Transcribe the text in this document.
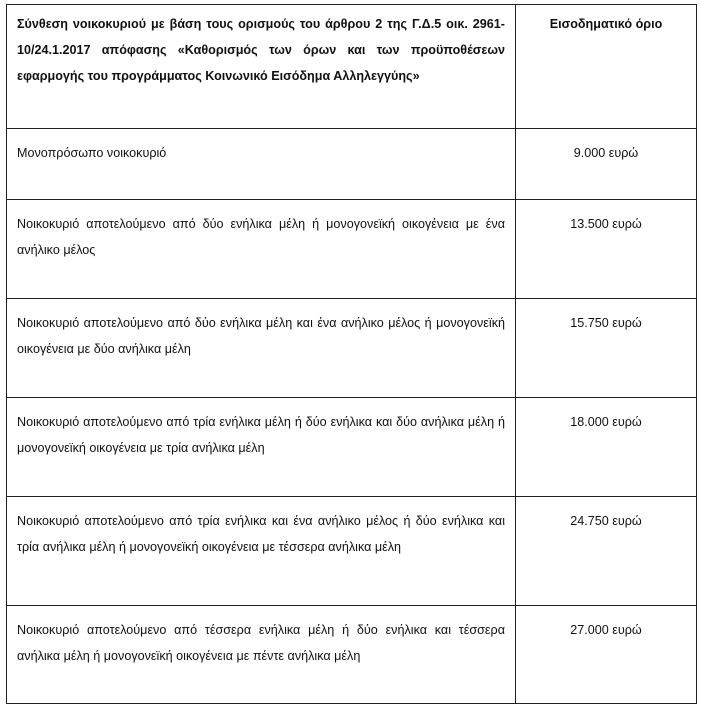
Σύνθεση νοικοκυριού με βάση τους ορισμούς του άρθρου 2 της Γ.Δ.5 οικ. 2961-10/24.1.2017 απόφασης «Καθορισμός των όρων και των προϋποθέσεων εφαρμογής του προγράμματος Κοινωνικό Εισόδημα Αλληλεγγύης»	Εισοδηματικό όριο
Μονοπρόσωπο νοικοκυριό	9.000 ευρώ
Νοικοκυριό αποτελούμενο από δύο ενήλικα μέλη ή μονογονεϊκή οικογένεια με ένα ανήλικο μέλος	13.500 ευρώ
Νοικοκυριό αποτελούμενο από δύο ενήλικα μέλη και ένα ανήλικο μέλος ή μονογονεϊκή οικογένεια με δύο ανήλικα μέλη	15.750 ευρώ
Νοικοκυριό αποτελούμενο από τρία ενήλικα μέλη ή δύο ενήλικα και δύο ανήλικα μέλη ή μονογονεϊκή οικογένεια με τρία ανήλικα μέλη	18.000 ευρώ
Νοικοκυριό αποτελούμενο από τρία ενήλικα και ένα ανήλικο μέλος ή δύο ενήλικα και τρία ανήλικα μέλη ή μονογονεϊκή οικογένεια με τέσσερα ανήλικα μέλη	24.750 ευρώ
Νοικοκυριό αποτελούμενο από τέσσερα ενήλικα μέλη ή δύο ενήλικα και τέσσερα ανήλικα μέλη ή μονογονεϊκή οικογένεια με πέντε ανήλικα μέλη	27.000 ευρώ
